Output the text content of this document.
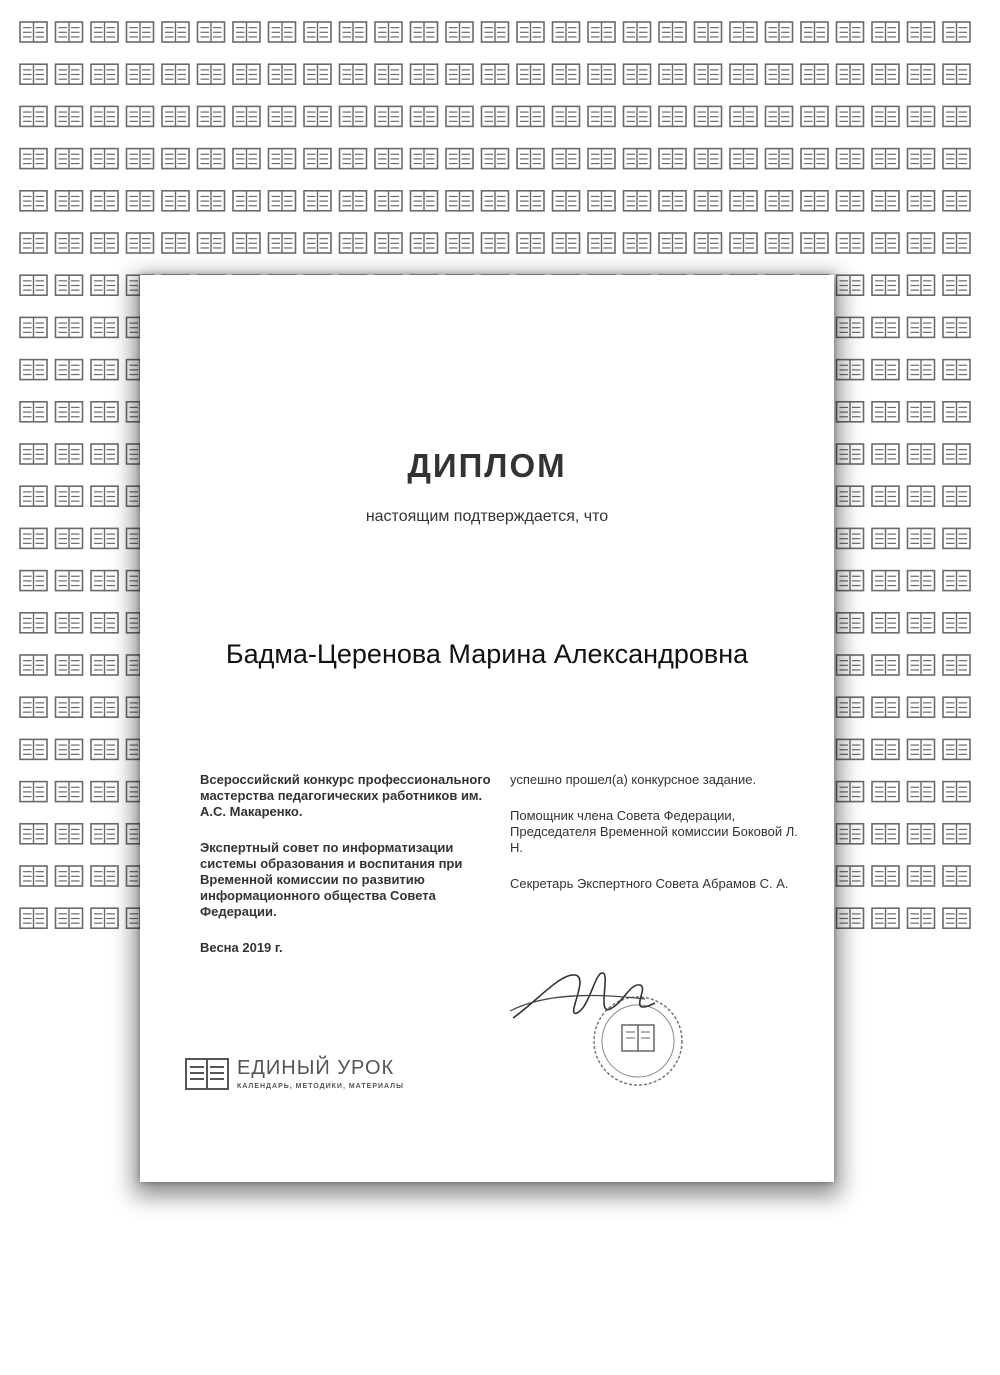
ДИПЛОМ
настоящим подтверждается, что
Бадма-Церенова Марина Александровна

Всероссийский конкурс профессионального мастерства педагогических работников им. А.С. Макаренко.

Экспертный совет по информатизации системы образования и воспитания при Временной комиссии по развитию информационного общества Совета Федерации.

Весна 2019 г.

успешно прошел(а) конкурсное задание.

Помощник члена Совета Федерации, Председателя Временной комиссии Боковой Л. Н.

Секретарь Экспертного Совета Абрамов С. А.

ЕДИНЫЙ УРОК
КАЛЕНДАРЬ, МЕТОДИКИ, МАТЕРИАЛЫ
